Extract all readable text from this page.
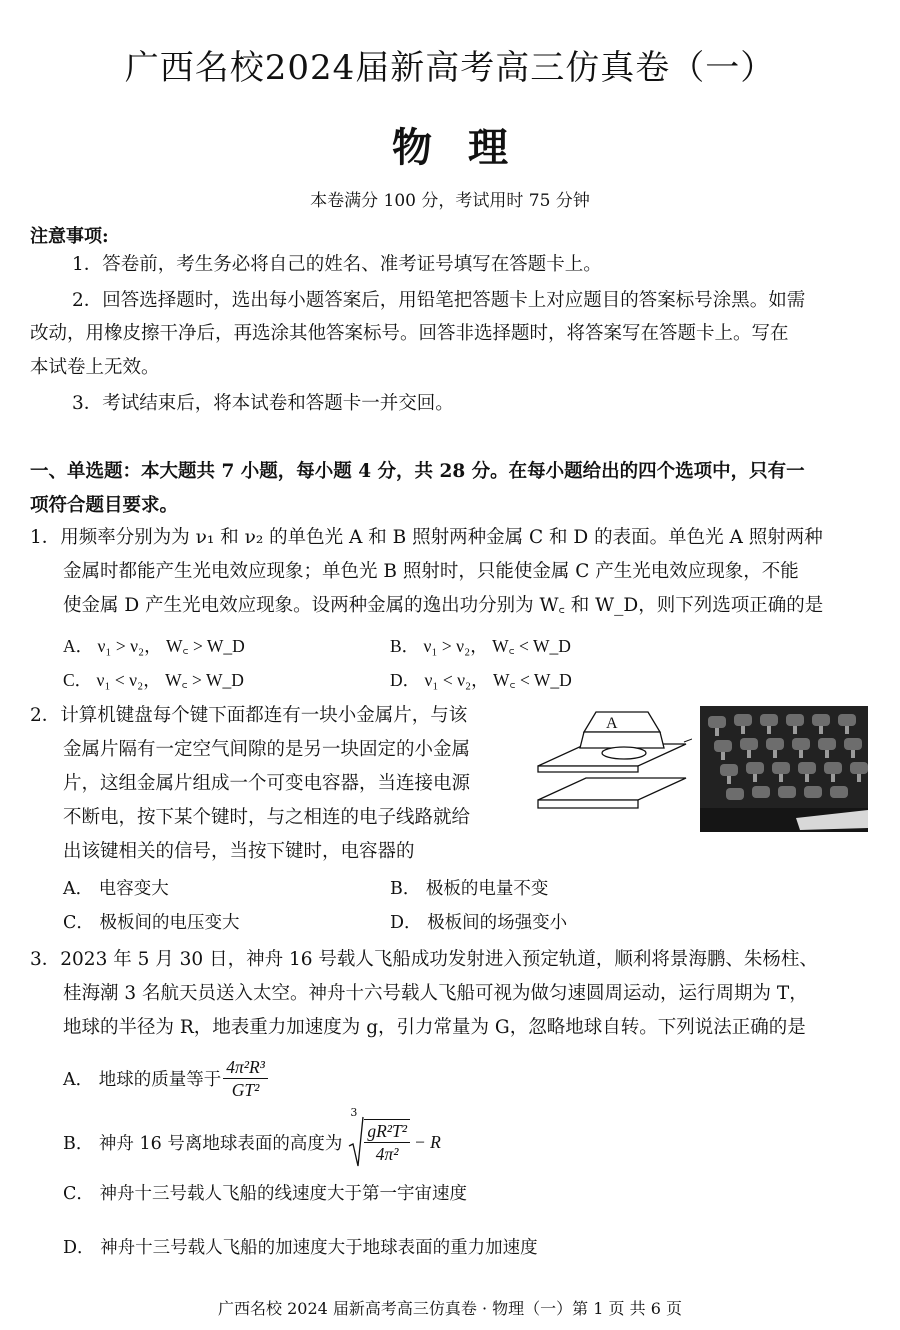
广西名校2024届新高考高三仿真卷（一）
物理
本卷满分 100 分，考试用时 75 分钟
注意事项:
1．答卷前，考生务必将自己的姓名、准考证号填写在答题卡上。
2．回答选择题时，选出每小题答案后，用铅笔把答题卡上对应题目的答案标号涂黑。如需
改动，用橡皮擦干净后，再选涂其他答案标号。回答非选择题时，将答案写在答题卡上。写在
本试卷上无效。
3．考试结束后，将本试卷和答题卡一并交回。
一、单选题：本大题共 7 小题，每小题 4 分，共 28 分。在每小题给出的四个选项中，只有一
项符合题目要求。
1．用频率分别为为 ν₁ 和 ν₂ 的单色光 A 和 B 照射两种金属 C 和 D 的表面。单色光 A 照射两种
金属时都能产生光电效应现象；单色光 B 照射时，只能使金属 C 产生光电效应现象，不能
使金属 D 产生光电效应现象。设两种金属的逸出功分别为 W꜀ 和 W_D，则下列选项正确的是
A． ν₁ > ν₂， W꜀ > W_D	B． ν₁ > ν₂， W꜀ < W_D
C． ν₁ < ν₂， W꜀ > W_D	D． ν₁ < ν₂， W꜀ < W_D
2．计算机键盘每个键下面都连有一块小金属片，与该
金属片隔有一定空气间隙的是另一块固定的小金属
片，这组金属片组成一个可变电容器，当连接电源
不断电，按下某个键时，与之相连的电子线路就给
出该键相关的信号，当按下键时，电容器的
A
A． 电容变大	B． 极板的电量不变
C． 极板间的电压变大	D． 极板间的场强变小
3．2023 年 5 月 30 日，神舟 16 号载人飞船成功发射进入预定轨道，顺利将景海鹏、朱杨柱、
桂海潮 3 名航天员送入太空。神舟十六号载人飞船可视为做匀速圆周运动，运行周期为 T，
地球的半径为 R，地表重力加速度为 g，引力常量为 G，忽略地球自转。下列说法正确的是
A． 地球的质量等于 $\frac{\text{4π²R³}}{\text{GT²}}$
B． 神舟 16 号离地球表面的高度为
3
$\frac{\text{gR²T²}}{\text{4π²}} - R$
C． 神舟十三号载人飞船的线速度大于第一宇宙速度
D． 神舟十三号载人飞船的加速度大于地球表面的重力加速度
广西名校 2024 届新高考高三仿真卷 · 物理（一）第 1 页 共 6 页
